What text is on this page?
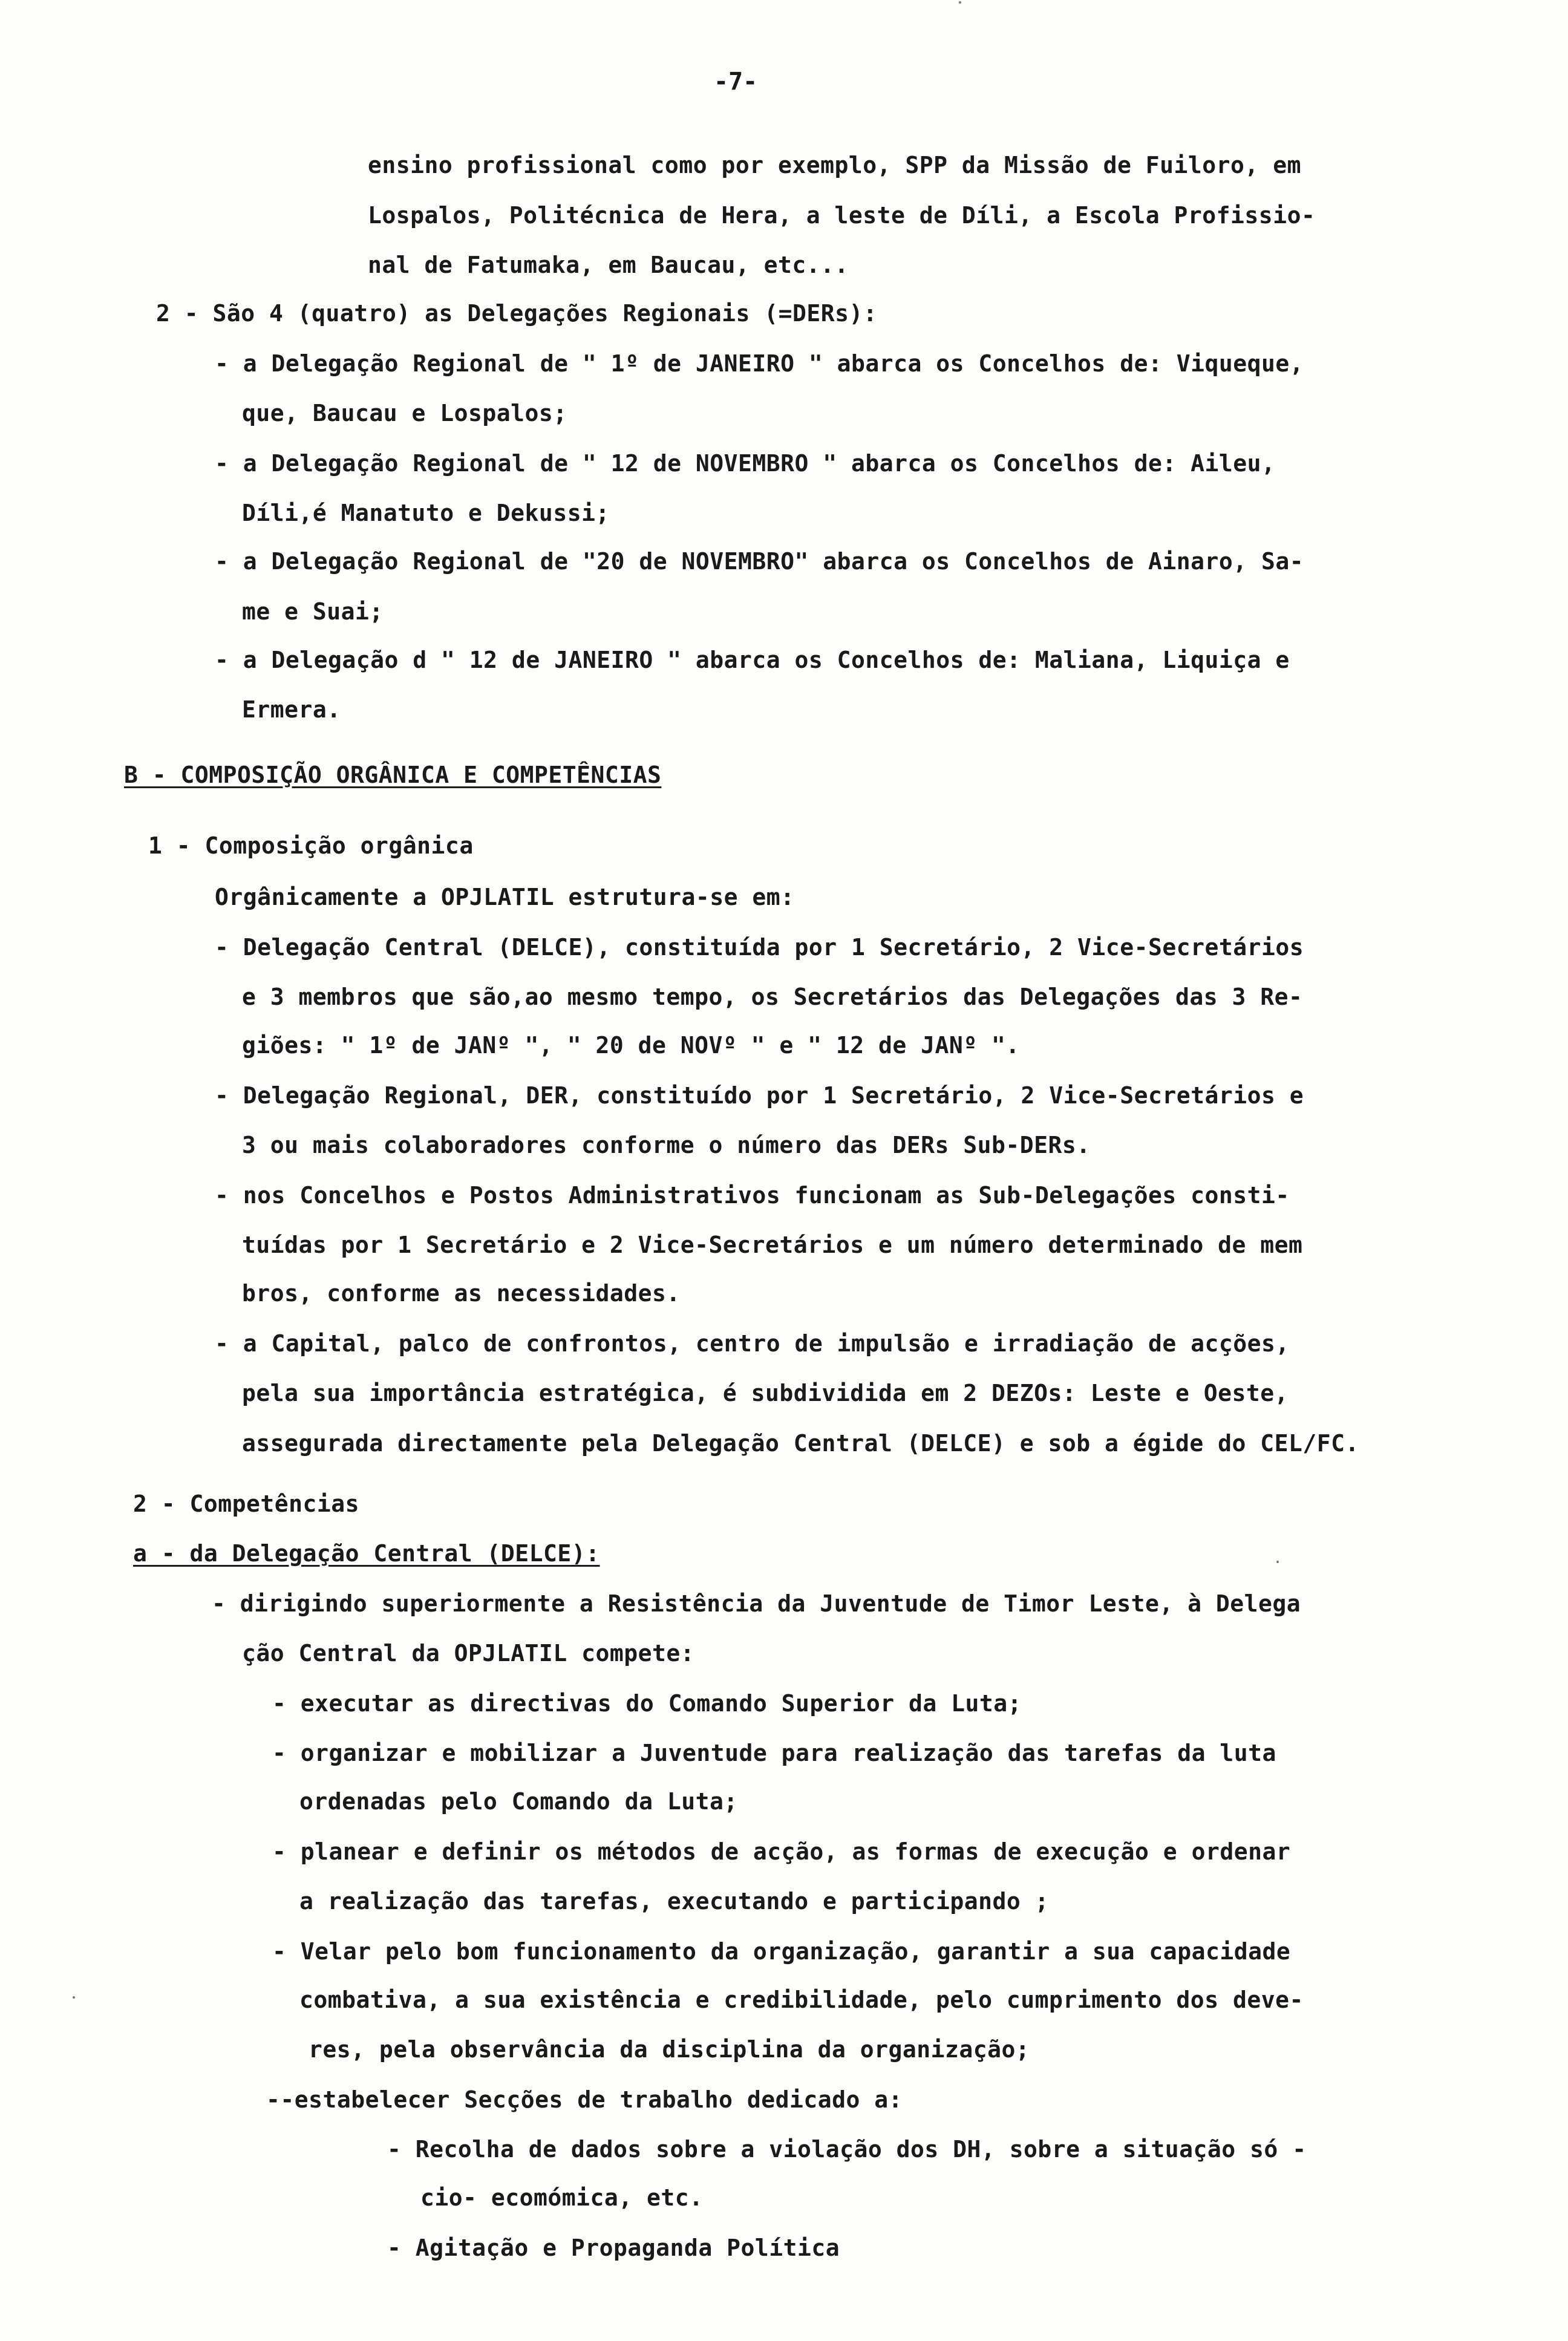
-7-
ensino profissional como por exemplo, SPP da Missão de Fuiloro, em
Lospalos, Politécnica de Hera, a leste de Díli, a Escola Profissio-
nal de Fatumaka, em Baucau, etc...
2 - São 4 (quatro) as Delegações Regionais (=DERs):
- a Delegação Regional de " 1º de JANEIRO " abarca os Concelhos de: Viqueque,
que, Baucau e Lospalos;
- a Delegação Regional de " 12 de NOVEMBRO " abarca os Concelhos de: Aileu,
Díli,é Manatuto e Dekussi;
- a Delegação Regional de "20 de NOVEMBRO" abarca os Concelhos de Ainaro, Sa-
me e Suai;
- a Delegação d " 12 de JANEIRO " abarca os Concelhos de: Maliana, Liquiça e
Ermera.
B - COMPOSIÇÃO ORGÂNICA E COMPETÊNCIAS
1 - Composição orgânica
Orgânicamente a OPJLATIL estrutura-se em:
- Delegação Central (DELCE), constituída por 1 Secretário, 2 Vice-Secretários
e 3 membros que são,ao mesmo tempo, os Secretários das Delegações das 3 Re-
giões: " 1º de JANº ", " 20 de NOVº " e " 12 de JANº ".
- Delegação Regional, DER, constituído por 1 Secretário, 2 Vice-Secretários e
3 ou mais colaboradores conforme o número das DERs Sub-DERs.
- nos Concelhos e Postos Administrativos funcionam as Sub-Delegações consti-
tuídas por 1 Secretário e 2 Vice-Secretários e um número determinado de mem
bros, conforme as necessidades.
- a Capital, palco de confrontos, centro de impulsão e irradiação de acções,
pela sua importância estratégica, é subdividida em 2 DEZOs: Leste e Oeste,
assegurada directamente pela Delegação Central (DELCE) e sob a égide do CEL/FC.
2 - Competências
a - da Delegação Central (DELCE):
- dirigindo superiormente a Resistência da Juventude de Timor Leste, à Delega
ção Central da OPJLATIL compete:
- executar as directivas do Comando Superior da Luta;
- organizar e mobilizar a Juventude para realização das tarefas da luta
ordenadas pelo Comando da Luta;
- planear e definir os métodos de acção, as formas de execução e ordenar
a realização das tarefas, executando e participando ;
- Velar pelo bom funcionamento da organização, garantir a sua capacidade
combativa, a sua existência e credibilidade, pelo cumprimento dos deve-
res, pela observância da disciplina da organização;
--estabelecer Secções de trabalho dedicado a:
- Recolha de dados sobre a violação dos DH, sobre a situação só -
cio- ecomómica, etc.
- Agitação e Propaganda Política
